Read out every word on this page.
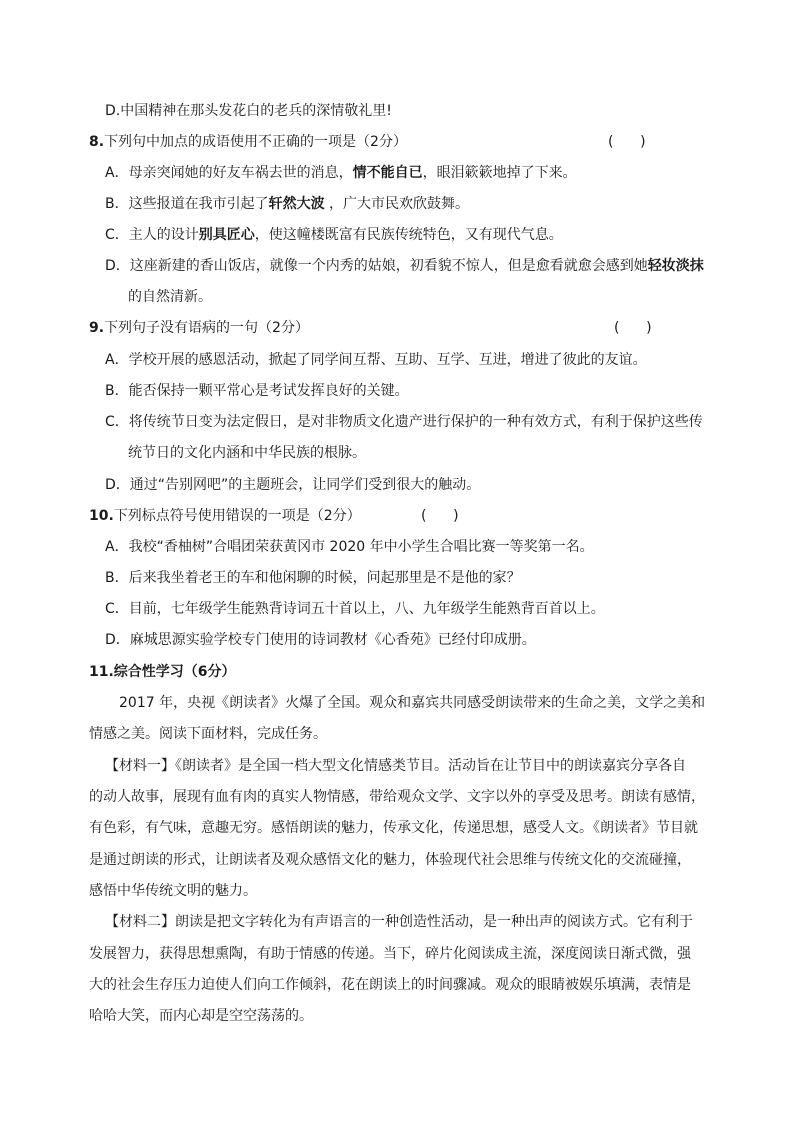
D.中国精神在那头发花白的老兵的深情敬礼里!
8.下列句中加点的成语使用不正确的一项是（2分）	(      )
A．母亲突闻她的好友车祸去世的消息，情不能自已，眼泪簌簌地掉了下来。
B．这些报道在我市引起了轩然大波 ，广大市民欢欣鼓舞。
C．主人的设计别具匠心，使这幢楼既富有民族传统特色，又有现代气息。
D．这座新建的香山饭店，就像一个内秀的姑娘，初看貌不惊人，但是愈看就愈会感到她轻妆淡抹
的自然清新。
9.下列句子没有语病的一句（2分）	(      )
A．学校开展的感恩活动，掀起了同学间互帮、互助、互学、互进，增进了彼此的友谊。
B．能否保持一颗平常心是考试发挥良好的关键。
C．将传统节日变为法定假日，是对非物质文化遗产进行保护的一种有效方式，有利于保护这些传
统节日的文化内涵和中华民族的根脉。
D．通过“告别网吧”的主题班会，让同学们受到很大的触动。
10.下列标点符号使用错误的一项是（2分）	(      )
A．我校“香柚树”合唱团荣获黄冈市 2020 年中小学生合唱比赛一等奖第一名。
B．后来我坐着老王的车和他闲聊的时候，问起那里是不是他的家？
C．目前，七年级学生能熟背诗词五十首以上，八、九年级学生能熟背百首以上。
D．麻城思源实验学校专门使用的诗词教材《心香苑》已经付印成册。
11.综合性学习（6分）
2017 年，央视《朗读者》火爆了全国。观众和嘉宾共同感受朗读带来的生命之美，文学之美和
情感之美。阅读下面材料，完成任务。
【材料一】《朗读者》是全国一档大型文化情感类节目。活动旨在让节目中的朗读嘉宾分享各自
的动人故事，展现有血有肉的真实人物情感，带给观众文学、文字以外的享受及思考。朗读有感情，
有色彩，有气味，意趣无穷。感悟朗读的魅力，传承文化，传递思想，感受人文。《朗读者》节目就
是通过朗读的形式，让朗读者及观众感悟文化的魅力，体验现代社会思维与传统文化的交流碰撞，
感悟中华传统文明的魅力。
【材料二】朗读是把文字转化为有声语言的一种创造性活动，是一种出声的阅读方式。它有利于
发展智力，获得思想熏陶，有助于情感的传递。当下，碎片化阅读成主流，深度阅读日渐式微，强
大的社会生存压力迫使人们向工作倾斜，花在朗读上的时间骤减。观众的眼睛被娱乐填满，表情是
哈哈大笑，而内心却是空空荡荡的。
